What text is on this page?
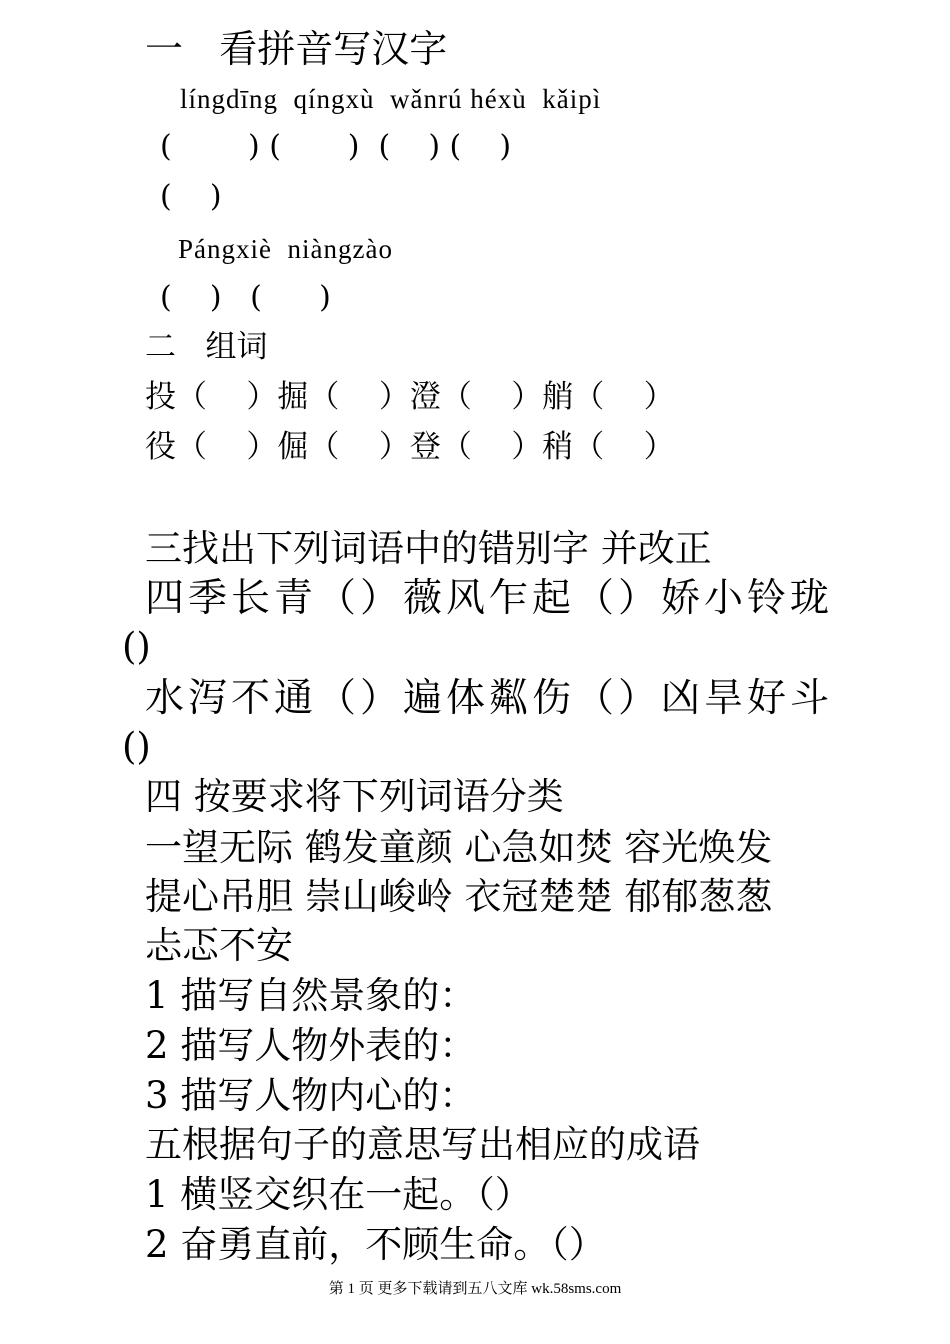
一   看拼音写汉字
língdīng  qíngxù  wǎnrú héxù  kǎipì
(        ) (       )  (    ) (    )
(    )
Pángxiè  niàngzào
(    )   (      )
二   组词
投（    ）掘（    ）澄（    ）艄（    ）
役（    ）倔（    ）登（    ）稍（    ）
三找出下列词语中的错别字 并改正
四季长青（）薇风乍起（）娇小铃珑
()
水泻不通（）遍体粼伤（）凶旱好斗
()
四 按要求将下列词语分类
一望无际 鹤发童颜 心急如焚 容光焕发
提心吊胆 崇山峻岭 衣冠楚楚 郁郁葱葱
忐忑不安
1 描写自然景象的：
2 描写人物外表的：
3 描写人物内心的：
五根据句子的意思写出相应的成语
1 横竖交织在一起。（）
2 奋勇直前，不顾生命。（）
第 1 页 更多下载请到五八文库 wk.58sms.com
